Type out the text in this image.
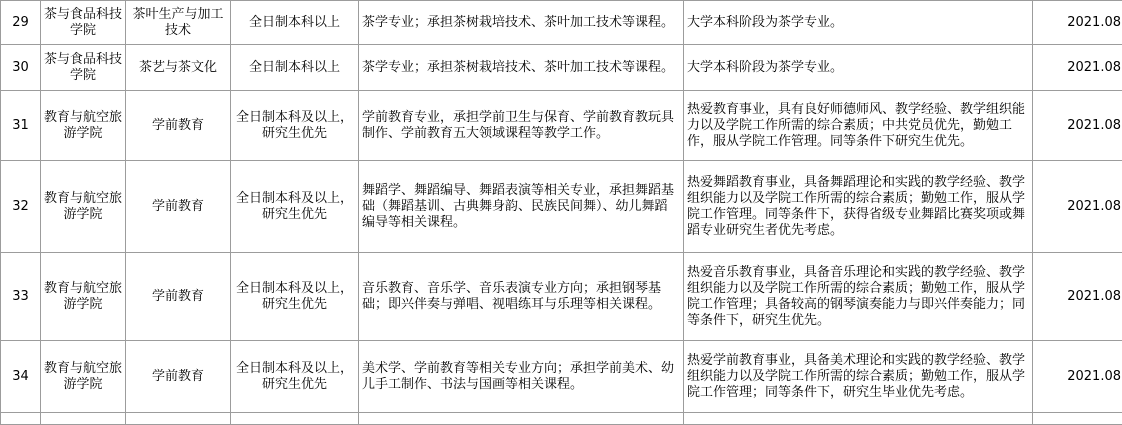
29	茶与食品科技学院	茶叶生产与加工技术	全日制本科以上	茶学专业；承担茶树栽培技术、茶叶加工技术等课程。	大学本科阶段为茶学专业。	2021.08	
30	茶与食品科技学院	茶艺与茶文化	全日制本科以上	茶学专业；承担茶树栽培技术、茶叶加工技术等课程。	大学本科阶段为茶学专业。	2021.08	
31	教育与航空旅游学院	学前教育	全日制本科及以上，研究生优先	学前教育专业，承担学前卫生与保育、学前教育教玩具制作、学前教育五大领域课程等教学工作。	热爱教育事业，具有良好师德师风、教学经验、教学组织能力以及学院工作所需的综合素质；中共党员优先，勤勉工作，服从学院工作管理。同等条件下研究生优先。	2021.08	
32	教育与航空旅游学院	学前教育	全日制本科及以上，研究生优先	舞蹈学、舞蹈编导、舞蹈表演等相关专业，承担舞蹈基础（舞蹈基训、古典舞身韵、民族民间舞）、幼儿舞蹈编导等相关课程。	热爱舞蹈教育事业，具备舞蹈理论和实践的教学经验、教学组织能力以及学院工作所需的综合素质；勤勉工作，服从学院工作管理。同等条件下，获得省级专业舞蹈比赛奖项或舞蹈专业研究生者优先考虑。	2021.08	
33	教育与航空旅游学院	学前教育	全日制本科及以上，研究生优先	音乐教育、音乐学、音乐表演专业方向；承担钢琴基础；即兴伴奏与弹唱、视唱练耳与乐理等相关课程。	热爱音乐教育事业，具备音乐理论和实践的教学经验、教学组织能力以及学院工作所需的综合素质；勤勉工作，服从学院工作管理；具备较高的钢琴演奏能力与即兴伴奏能力；同等条件下，研究生优先。	2021.08	
34	教育与航空旅游学院	学前教育	全日制本科及以上，研究生优先	美术学、学前教育等相关专业方向；承担学前美术、幼儿手工制作、书法与国画等相关课程。	热爱学前教育事业，具备美术理论和实践的教学经验、教学组织能力以及学院工作所需的综合素质；勤勉工作，服从学院工作管理；同等条件下，研究生毕业优先考虑。	2021.08	
